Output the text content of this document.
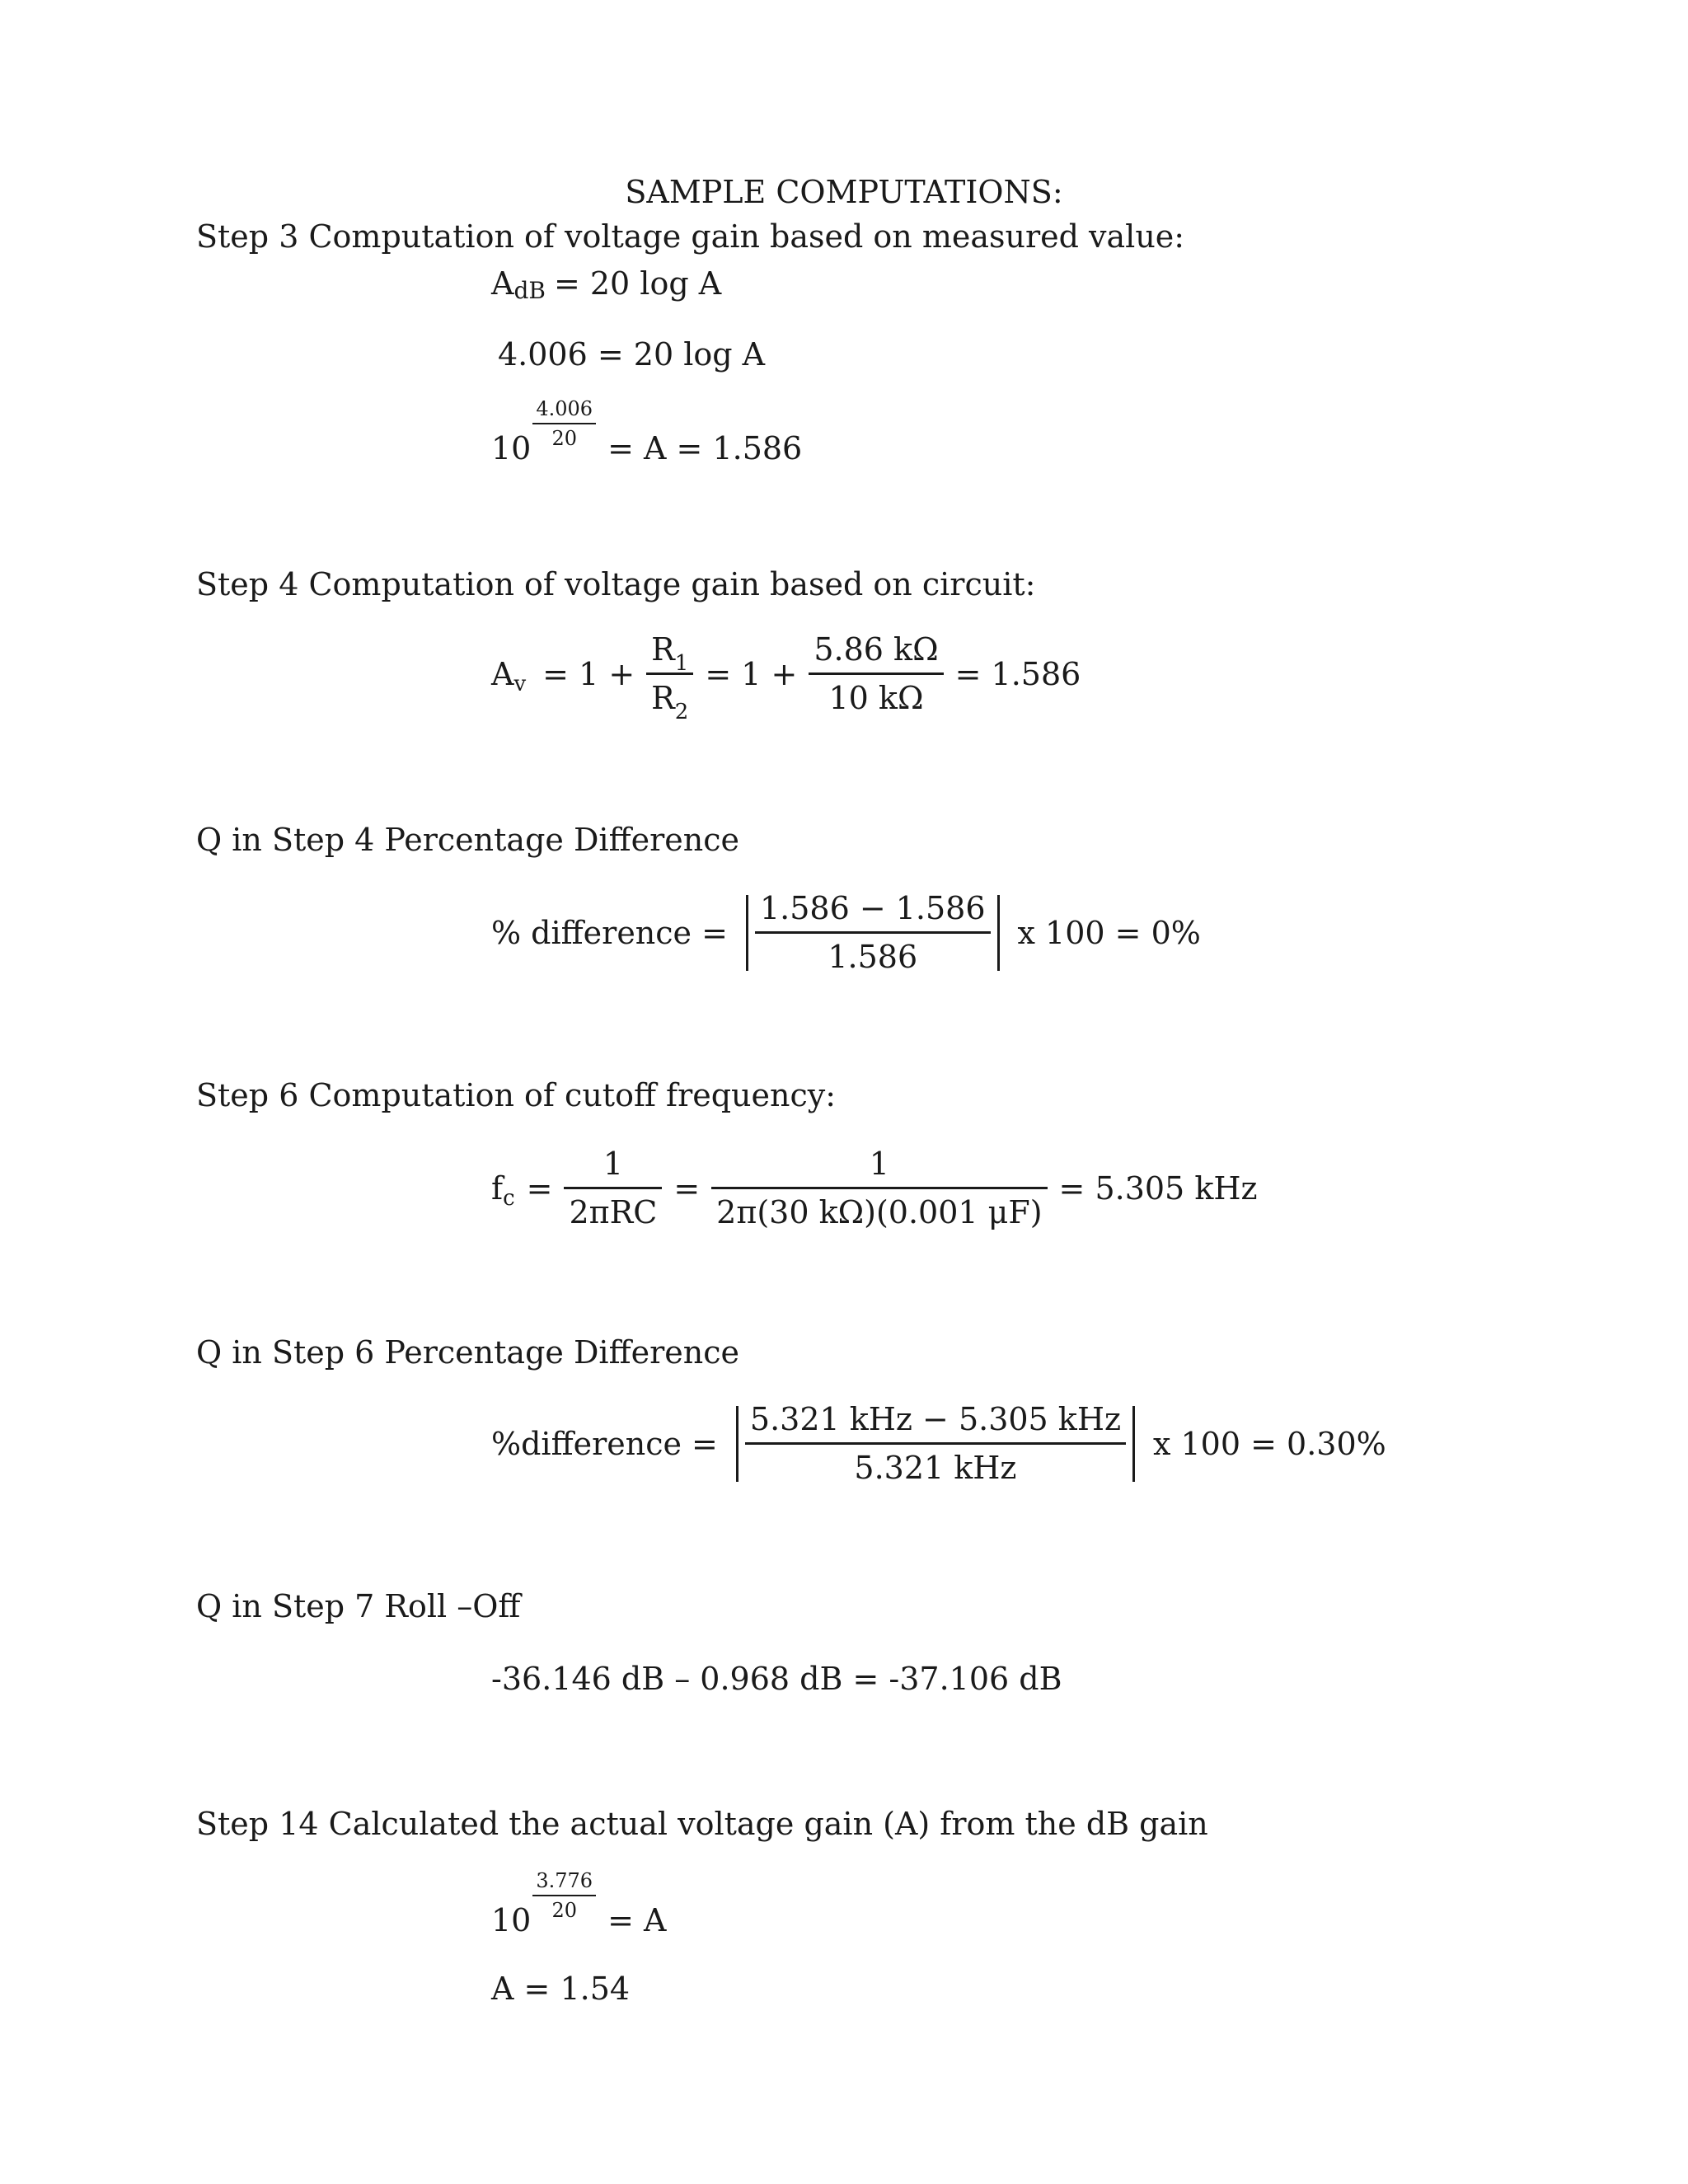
SAMPLE COMPUTATIONS:
Step 3 Computation of voltage gain based on measured value:
A dB = 20 log A
4.006 = 20 log A
10
4.006
20 = A = 1.586
Step 4 Computation of voltage gain based on circuit:
A $v = 1 + \frac{R_1}{R_2} = 1 + \frac{5.86 k\Omega}{10 k\Omega} = 1.586$
Q in Step 4 Percentage Difference
% difference = $\frac{1.586 - 1.586}{1.586}$ x 100 = 0%
Step 6 Computation of cutoff frequency:
f $c = \frac{1}{\text{2πRC}} = \frac{1}{2\pi(30 k\Omega)(0.001 \mu F)} = 5.305$ kHz
Q in Step 6 Percentage Difference
%difference = $\frac{\text{5.321 kHz − 5.305 kHz}}{\text{5.321 kHz}}$ x 100 = 0.30%
Q in Step 7 Roll –Off
-36.146 dB – 0.968 dB = -37.106 dB
Step 14 Calculated the actual voltage gain (A) from the dB gain
10
3.776
20 = A
A = 1.54
